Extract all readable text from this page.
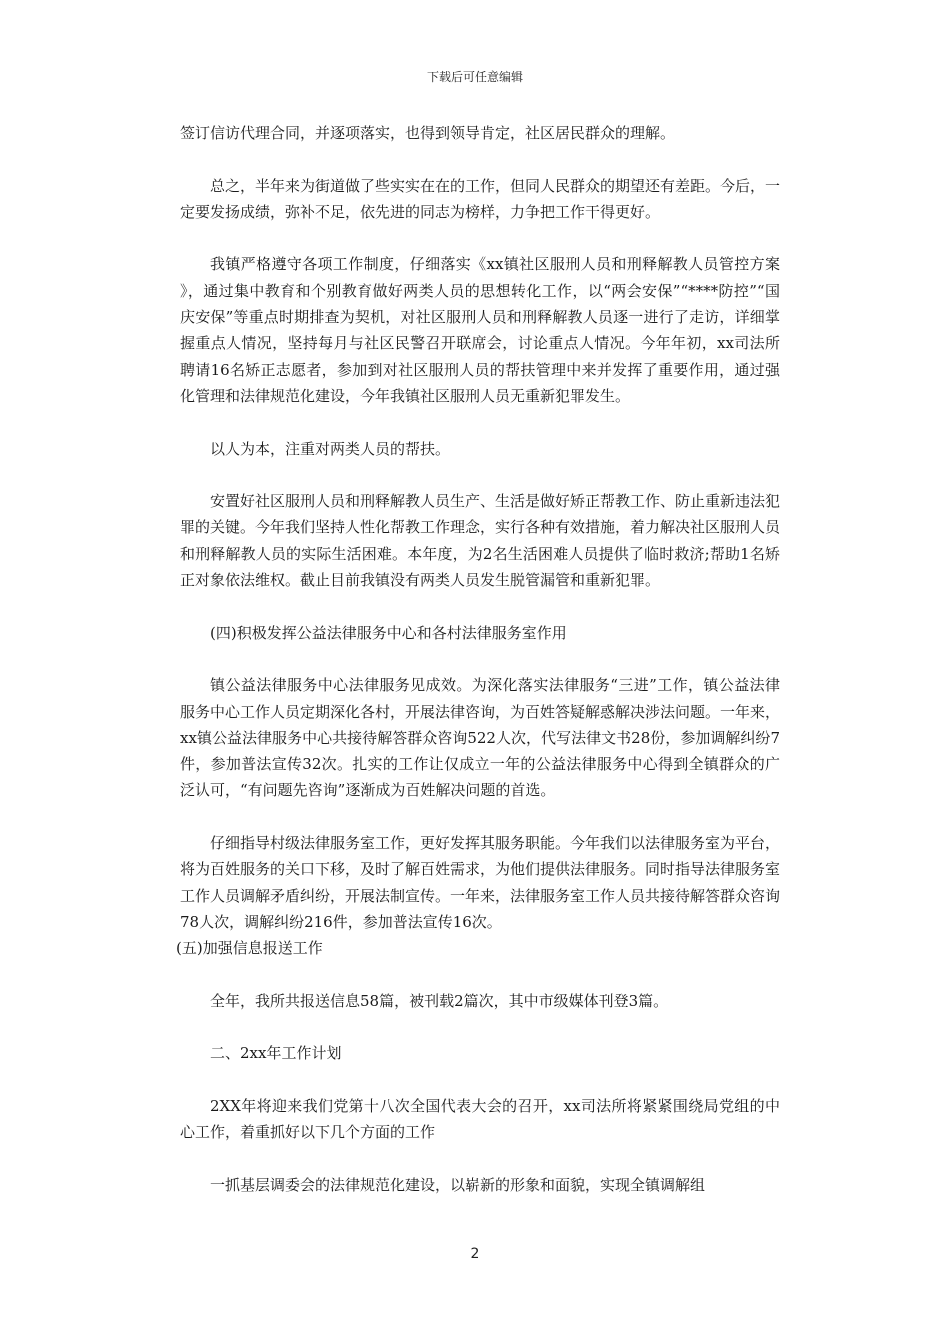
下载后可任意编辑

签订信访代理合同，并逐项落实，也得到领导肯定，社区居民群众的理解。

总之，半年来为街道做了些实实在在的工作，但同人民群众的期望还有差距。今后，一定要发扬成绩，弥补不足，依先进的同志为榜样，力争把工作干得更好。

我镇严格遵守各项工作制度，仔细落实《xx镇社区服刑人员和刑释解教人员管控方案 》，通过集中教育和个别教育做好两类人员的思想转化工作，以“两会安保”“****防控”“国庆安保”等重点时期排查为契机，对社区服刑人员和刑释解教人员逐一进行了走访，详细掌握重点人情况，坚持每月与社区民警召开联席会，讨论重点人情况。今年年初，xx司法所聘请16名矫正志愿者，参加到对社区服刑人员的帮扶管理中来并发挥了重要作用，通过强化管理和法律规范化建设，今年我镇社区服刑人员无重新犯罪发生。

以人为本，注重对两类人员的帮扶。

安置好社区服刑人员和刑释解教人员生产、生活是做好矫正帮教工作、防止重新违法犯罪的关键。今年我们坚持人性化帮教工作理念，实行各种有效措施，着力解决社区服刑人员和刑释解教人员的实际生活困难。本年度，为2名生活困难人员提供了临时救济;帮助1名矫正对象依法维权。截止目前我镇没有两类人员发生脱管漏管和重新犯罪。

(四)积极发挥公益法律服务中心和各村法律服务室作用

镇公益法律服务中心法律服务见成效。为深化落实法律服务“三进”工作，镇公益法律服务中心工作人员定期深化各村，开展法律咨询，为百姓答疑解惑解决涉法问题。一年来，xx镇公益法律服务中心共接待解答群众咨询522人次，代写法律文书28份，参加调解纠纷7件，参加普法宣传32次。扎实的工作让仅成立一年的公益法律服务中心得到全镇群众的广泛认可，“有问题先咨询”逐渐成为百姓解决问题的首选。

仔细指导村级法律服务室工作，更好发挥其服务职能。今年我们以法律服务室为平台，将为百姓服务的关口下移，及时了解百姓需求，为他们提供法律服务。同时指导法律服务室工作人员调解矛盾纠纷，开展法制宣传。一年来，法律服务室工作人员共接待解答群众咨询78人次，调解纠纷216件，参加普法宣传16次。

(五)加强信息报送工作

全年，我所共报送信息58篇，被刊载2篇次，其中市级媒体刊登3篇。

二、2xx年工作计划

2XX年将迎来我们党第十八次全国代表大会的召开，xx司法所将紧紧围绕局党组的中心工作，着重抓好以下几个方面的工作

一抓基层调委会的法律规范化建设，以崭新的形象和面貌，实现全镇调解组

2
